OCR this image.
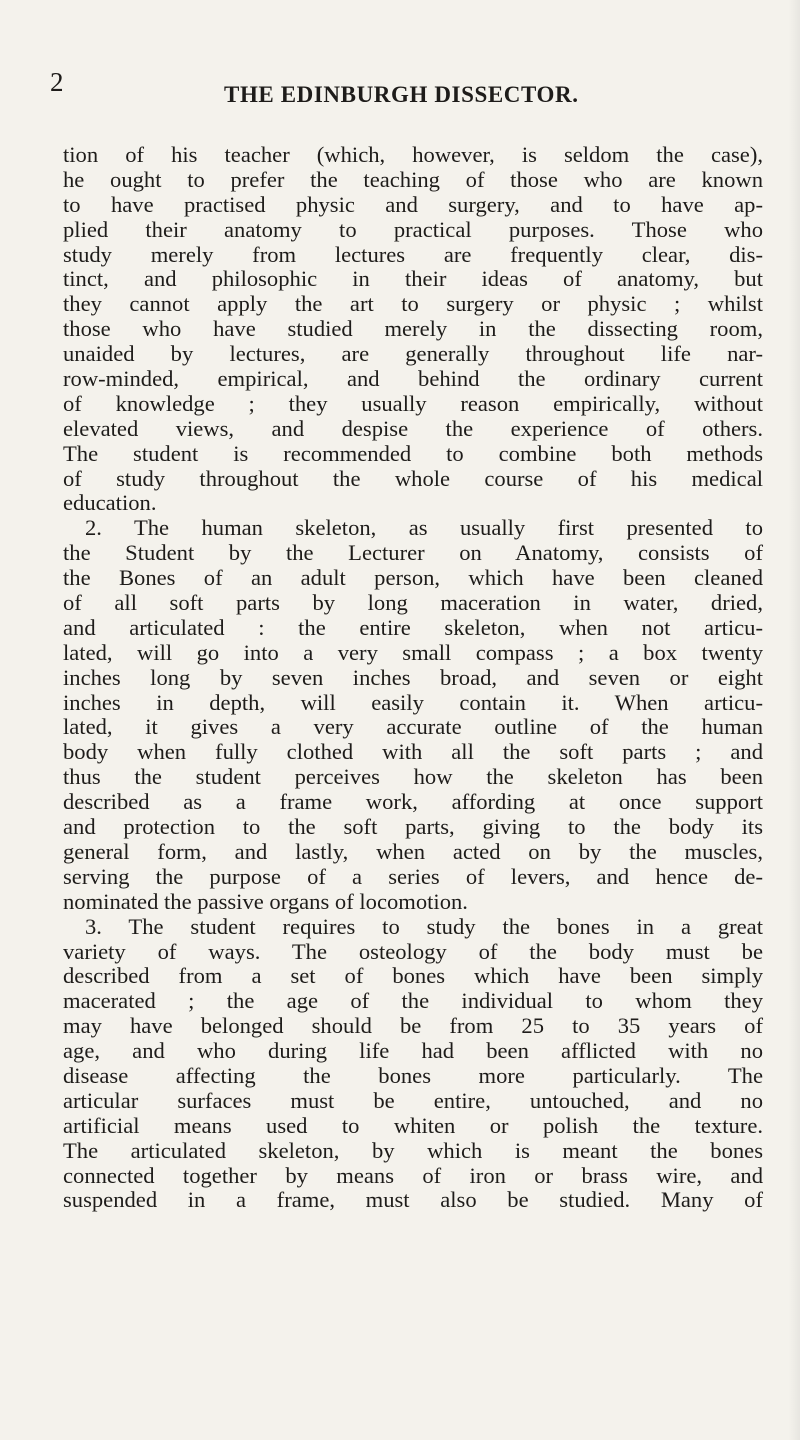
2	THE EDINBURGH DISSECTOR.
tion of his teacher (which, however, is seldom the case),
he ought to prefer the teaching of those who are known
to have practised physic and surgery, and to have ap-
plied their anatomy to practical purposes. Those who
study merely from lectures are frequently clear, dis-
tinct, and philosophic in their ideas of anatomy, but
they cannot apply the art to surgery or physic ; whilst
those who have studied merely in the dissecting room,
unaided by lectures, are generally throughout life nar-
row-minded, empirical, and behind the ordinary current
of knowledge ; they usually reason empirically, without
elevated views, and despise the experience of others.
The student is recommended to combine both methods
of study throughout the whole course of his medical
education.
2. The human skeleton, as usually first presented to
the Student by the Lecturer on Anatomy, consists of
the Bones of an adult person, which have been cleaned
of all soft parts by long maceration in water, dried,
and articulated : the entire skeleton, when not articu-
lated, will go into a very small compass ; a box twenty
inches long by seven inches broad, and seven or eight
inches in depth, will easily contain it. When articu-
lated, it gives a very accurate outline of the human
body when fully clothed with all the soft parts ; and
thus the student perceives how the skeleton has been
described as a frame work, affording at once support
and protection to the soft parts, giving to the body its
general form, and lastly, when acted on by the muscles,
serving the purpose of a series of levers, and hence de-
nominated the passive organs of locomotion.
3. The student requires to study the bones in a great
variety of ways. The osteology of the body must be
described from a set of bones which have been simply
macerated ; the age of the individual to whom they
may have belonged should be from 25 to 35 years of
age, and who during life had been afflicted with no
disease affecting the bones more particularly. The
articular surfaces must be entire, untouched, and no
artificial means used to whiten or polish the texture.
The articulated skeleton, by which is meant the bones
connected together by means of iron or brass wire, and
suspended in a frame, must also be studied. Many of
